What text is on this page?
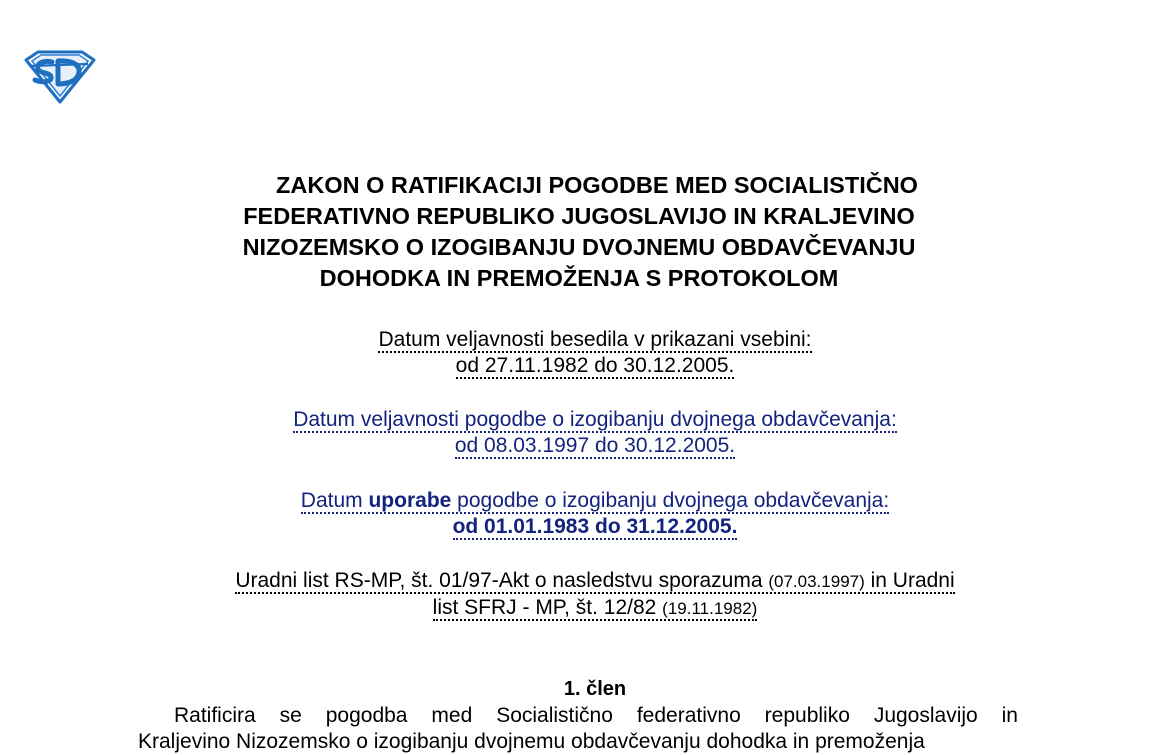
ZAKON O RATIFIKACIJI POGODBE MED SOCIALISTIČNO
FEDERATIVNO REPUBLIKO JUGOSLAVIJO IN KRALJEVINO
NIZOZEMSKO O IZOGIBANJU DVOJNEMU OBDAVČEVANJU
DOHODKA IN PREMOŽENJA S PROTOKOLOM
Datum veljavnosti besedila v prikazani vsebini:
od 27.11.1982 do 30.12.2005.
Datum veljavnosti pogodbe o izogibanju dvojnega obdavčevanja:
od 08.03.1997 do 30.12.2005.
Datum uporabe pogodbe o izogibanju dvojnega obdavčevanja:
od 01.01.1983 do 31.12.2005.
Uradni list RS-MP, št. 01/97-Akt o nasledstvu sporazuma (07.03.1997) in Uradni
list SFRJ - MP, št. 12/82 (19.11.1982)
1. člen
Ratificira se pogodba med Socialistično federativno republiko Jugoslavijo in
Kraljevino Nizozemsko o izogibanju dvojnemu obdavčevanju dohodka in premoženja
